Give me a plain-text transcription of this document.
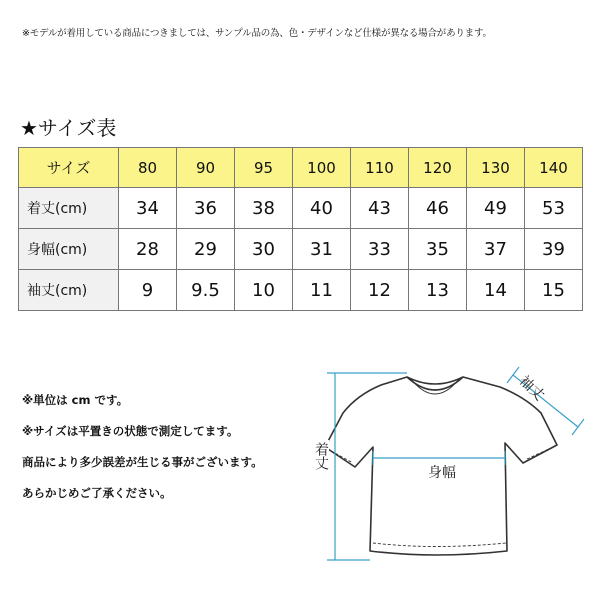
※モデルが着用している商品につきましては、サンプル品の為、色・デザインなど仕様が異なる場合があります。
★サイズ表
サイズ	80	90	95	100	110	120	130	140
着丈(cm)	34	36	38	40	43	46	49	53
身幅(cm)	28	29	30	31	33	35	37	39
袖丈(cm)	9	9.5	10	11	12	13	14	15
※単位は cm です。
※サイズは平置きの状態で測定してます。
商品により多少誤差が生じる事がございます。
あらかじめご了承ください。
着丈
身幅
袖丈
